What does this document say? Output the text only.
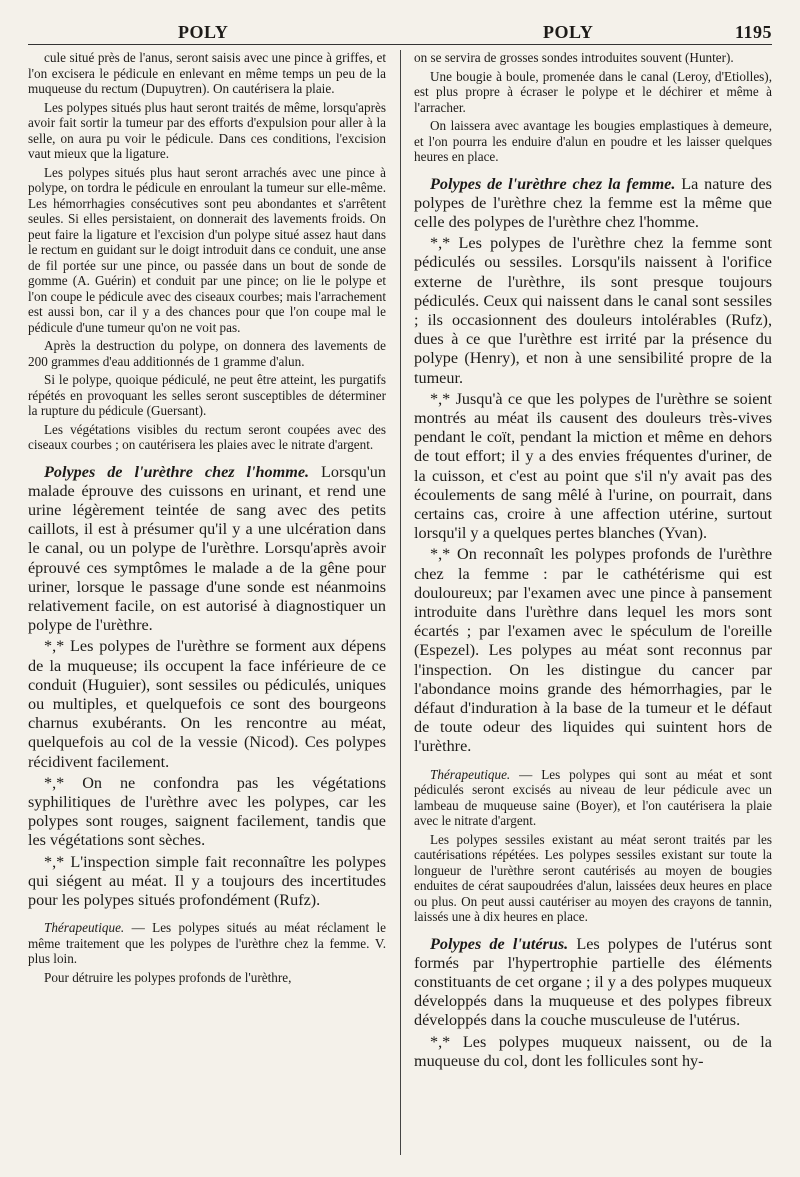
POLY	POLY	1195

cule situé près de l'anus, seront saisis avec une pince à griffes, et l'on excisera le pédicule en enlevant en même temps un peu de la muqueuse du rectum (Dupuytren). On cautérisera la plaie.

Les polypes situés plus haut seront traités de même, lorsqu'après avoir fait sortir la tumeur par des efforts d'expulsion pour aller à la selle, on aura pu voir le pédicule. Dans ces conditions, l'excision vaut mieux que la ligature.

Les polypes situés plus haut seront arrachés avec une pince à polype, on tordra le pédicule en enroulant la tumeur sur elle-même. Les hémorrhagies consécutives sont peu abondantes et s'arrêtent seules. Si elles persistaient, on donnerait des lavements froids. On peut faire la ligature et l'excision d'un polype situé assez haut dans le rectum en guidant sur le doigt introduit dans ce conduit, une anse de fil portée sur une pince, ou passée dans un bout de sonde de gomme (A. Guérin) et conduit par une pince; on lie le polype et l'on coupe le pédicule avec des ciseaux courbes; mais l'arrachement est aussi bon, car il y a des chances pour que l'on coupe mal le pédicule d'une tumeur qu'on ne voit pas.

Après la destruction du polype, on donnera des lavements de 200 grammes d'eau additionnés de 1 gramme d'alun.

Si le polype, quoique pédiculé, ne peut être atteint, les purgatifs répétés en provoquant les selles seront susceptibles de déterminer la rupture du pédicule (Guersant).

Les végétations visibles du rectum seront coupées avec des ciseaux courbes ; on cautérisera les plaies avec le nitrate d'argent.

Polypes de l'urèthre chez l'homme. Lorsqu'un malade éprouve des cuissons en urinant, et rend une urine légèrement teintée de sang avec des petits caillots, il est à présumer qu'il y a une ulcération dans le canal, ou un polype de l'urèthre. Lorsqu'après avoir éprouvé ces symptômes le malade a de la gêne pour uriner, lorsque le passage d'une sonde est néanmoins relativement facile, on est autorisé à diagnostiquer un polype de l'urèthre.

*,* Les polypes de l'urèthre se forment aux dépens de la muqueuse; ils occupent la face inférieure de ce conduit (Huguier), sont sessiles ou pédiculés, uniques ou multiples, et quelquefois ce sont des bourgeons charnus exubérants. On les rencontre au méat, quelquefois au col de la vessie (Nicod). Ces polypes récidivent facilement.

*,* On ne confondra pas les végétations syphilitiques de l'urèthre avec les polypes, car les polypes sont rouges, saignent facilement, tandis que les végétations sont sèches.

*,* L'inspection simple fait reconnaître les polypes qui siégent au méat. Il y a toujours des incertitudes pour les polypes situés profondément (Rufz).

Thérapeutique. — Les polypes situés au méat réclament le même traitement que les polypes de l'urèthre chez la femme. V. plus loin.

Pour détruire les polypes profonds de l'urèthre,

on se servira de grosses sondes introduites souvent (Hunter).

Une bougie à boule, promenée dans le canal (Leroy, d'Etiolles), est plus propre à écraser le polype et le déchirer et même à l'arracher.

On laissera avec avantage les bougies emplastiques à demeure, et l'on pourra les enduire d'alun en poudre et les laisser quelques heures en place.

Polypes de l'urèthre chez la femme. La nature des polypes de l'urèthre chez la femme est la même que celle des polypes de l'urèthre chez l'homme.

*,* Les polypes de l'urèthre chez la femme sont pédiculés ou sessiles. Lorsqu'ils naissent à l'orifice externe de l'urèthre, ils sont presque toujours pédiculés. Ceux qui naissent dans le canal sont sessiles ; ils occasionnent des douleurs intolérables (Rufz), dues à ce que l'urèthre est irrité par la présence du polype (Henry), et non à une sensibilité propre de la tumeur.

*,* Jusqu'à ce que les polypes de l'urèthre se soient montrés au méat ils causent des douleurs très-vives pendant le coït, pendant la miction et même en dehors de tout effort; il y a des envies fréquentes d'uriner, de la cuisson, et c'est au point que s'il n'y avait pas des écoulements de sang mêlé à l'urine, on pourrait, dans certains cas, croire à une affection utérine, surtout lorsqu'il y a quelques pertes blanches (Yvan).

*,* On reconnaît les polypes profonds de l'urèthre chez la femme : par le cathétérisme qui est douloureux; par l'examen avec une pince à pansement introduite dans l'urèthre dans lequel les mors sont écartés ; par l'examen avec le spéculum de l'oreille (Espezel). Les polypes au méat sont reconnus par l'inspection. On les distingue du cancer par l'abondance moins grande des hémorrhagies, par le défaut d'induration à la base de la tumeur et le défaut de toute odeur des liquides qui suintent hors de l'urèthre.

Thérapeutique. — Les polypes qui sont au méat et sont pédiculés seront excisés au niveau de leur pédicule avec un lambeau de muqueuse saine (Boyer), et l'on cautérisera la plaie avec le nitrate d'argent.

Les polypes sessiles existant au méat seront traités par les cautérisations répétées. Les polypes sessiles existant sur toute la longueur de l'urèthre seront cautérisés au moyen de bougies enduites de cérat saupoudrées d'alun, laissées deux heures en place ou plus. On peut aussi cautériser au moyen des crayons de tannin, laissés une à dix heures en place.

Polypes de l'utérus. Les polypes de l'utérus sont formés par l'hypertrophie partielle des éléments constituants de cet organe ; il y a des polypes muqueux développés dans la muqueuse et des polypes fibreux développés dans la couche musculeuse de l'utérus.

*,* Les polypes muqueux naissent, ou de la muqueuse du col, dont les follicules sont hy-
